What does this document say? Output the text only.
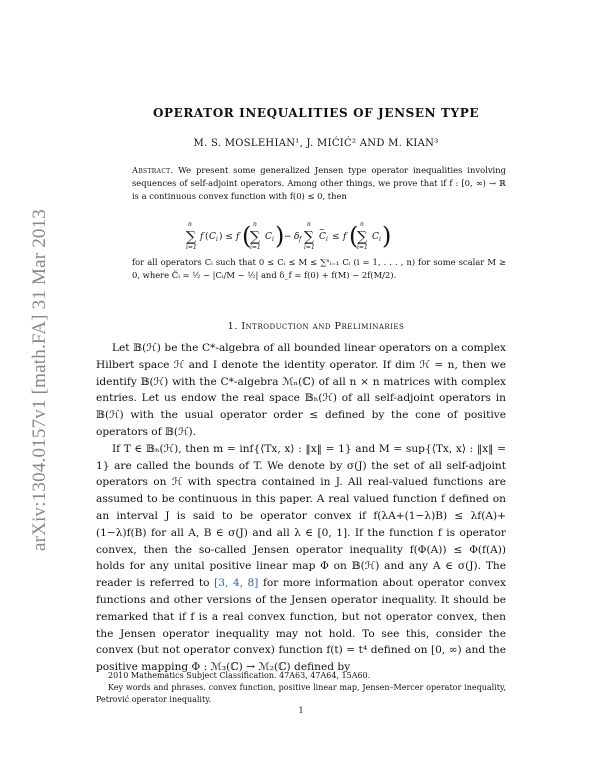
arXiv:1304.0157v1 [math.FA] 31 Mar 2013
OPERATOR INEQUALITIES OF JENSEN TYPE
M. S. MOSLEHIAN¹, J. MIĆIĆ² AND M. KIAN³
Abstract. We present some generalized Jensen type operator inequalities involving sequences of self-adjoint operators. Among other things, we prove that if f : [0, ∞) → ℝ is a continuous convex function with f(0) ≤ 0, then
n
∑
i=1
f ( C i ) ≤ f ( n
∑
i=1
C i ) − δ f
n
∑
i=1
~
C i ≤ f ( n
∑
i=1
C i )
for all operators Cᵢ such that 0 ≤ Cᵢ ≤ M ≤ ∑ⁿᵢ₌₁ Cᵢ (i = 1, . . . , n) for some scalar M ≥ 0, where C̃ᵢ = ½ − |Cᵢ/M − ½| and δ_f = f(0) + f(M) − 2f(M/2).
1. Introduction and Preliminaries

Let 𝔹(ℋ) be the C*-algebra of all bounded linear operators on a complex Hilbert space ℋ and I denote the identity operator. If dim ℋ = n, then we identify 𝔹(ℋ) with the C*-algebra ℳₙ(ℂ) of all n × n matrices with complex entries. Let us endow the real space 𝔹ₕ(ℋ) of all self-adjoint operators in 𝔹(ℋ) with the usual operator order ≤ defined by the cone of positive operators of 𝔹(ℋ).

If T ∈ 𝔹ₕ(ℋ), then m = inf{⟨Tx, x⟩ : ‖x‖ = 1} and M = sup{⟨Tx, x⟩ : ‖x‖ = 1} are called the bounds of T. We denote by σ(J) the set of all self-adjoint operators on ℋ with spectra contained in J. All real-valued functions are assumed to be continuous in this paper. A real valued function f defined on an interval J is said to be operator convex if f(λA+(1−λ)B) ≤ λf(A)+(1−λ)f(B) for all A, B ∈ σ(J) and all λ ∈ [0, 1]. If the function f is operator convex, then the so-called Jensen operator inequality f(Φ(A)) ≤ Φ(f(A)) holds for any unital positive linear map Φ on 𝔹(ℋ) and any A ∈ σ(J). The reader is referred to [3, 4, 8] for more information about operator convex functions and other versions of the Jensen operator inequality. It should be remarked that if f is a real convex function, but not operator convex, then the Jensen operator inequality may not hold. To see this, consider the convex (but not operator convex) function f(t) = t⁴ defined on [0, ∞) and the positive mapping Φ : ℳ₃(ℂ) → ℳ₂(ℂ) defined by

2010 Mathematics Subject Classification. 47A63, 47A64, 15A60.

Key words and phrases. convex function, positive linear map, Jensen–Mercer operator inequality, Petrović operator inequality.

1
